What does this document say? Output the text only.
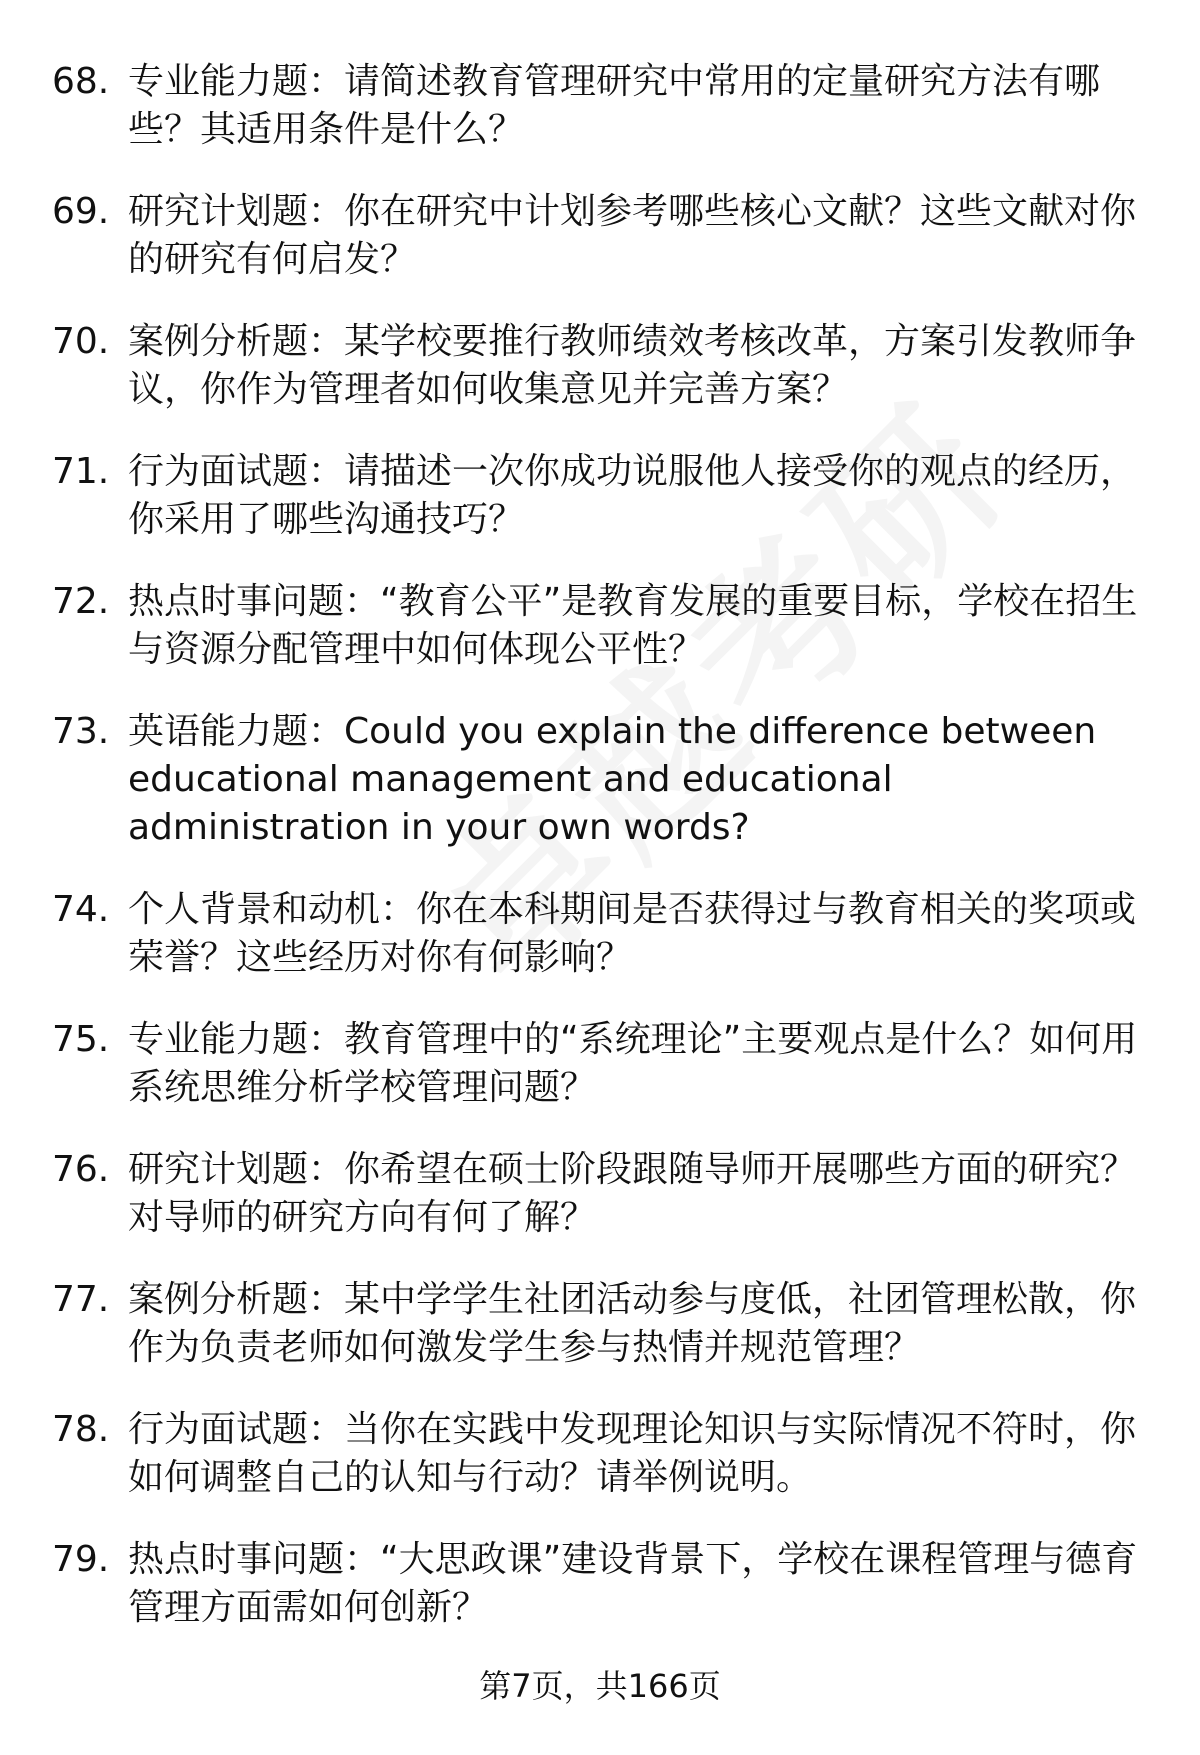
68. 专业能力题：请简述教育管理研究中常用的定量研究方法有哪些？其适用条件是什么？
69. 研究计划题：你在研究中计划参考哪些核心文献？这些文献对你的研究有何启发？
70. 案例分析题：某学校要推行教师绩效考核改革，方案引发教师争议，你作为管理者如何收集意见并完善方案？
71. 行为面试题：请描述一次你成功说服他人接受你的观点的经历，你采用了哪些沟通技巧？
72. 热点时事问题：“教育公平”是教育发展的重要目标，学校在招生与资源分配管理中如何体现公平性？
73. 英语能力题：Could you explain the difference between educational management and educational administration in your own words?
74. 个人背景和动机：你在本科期间是否获得过与教育相关的奖项或荣誉？这些经历对你有何影响？
75. 专业能力题：教育管理中的“系统理论”主要观点是什么？如何用系统思维分析学校管理问题？
76. 研究计划题：你希望在硕士阶段跟随导师开展哪些方面的研究？对导师的研究方向有何了解？
77. 案例分析题：某中学学生社团活动参与度低，社团管理松散，你作为负责老师如何激发学生参与热情并规范管理？
78. 行为面试题：当你在实践中发现理论知识与实际情况不符时，你如何调整自己的认知与行动？请举例说明。
79. 热点时事问题：“大思政课”建设背景下，学校在课程管理与德育管理方面需如何创新？
第7页，共166页
